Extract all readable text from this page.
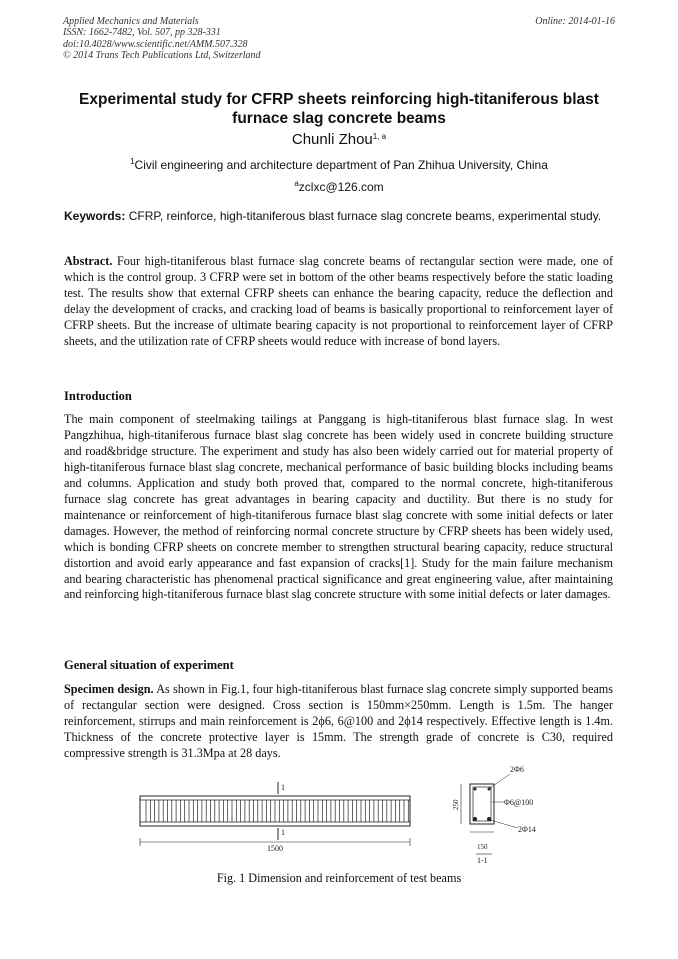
Applied Mechanics and Materials
ISSN: 1662-7482, Vol. 507, pp 328-331
doi:10.4028/www.scientific.net/AMM.507.328
© 2014 Trans Tech Publications Ltd, Switzerland
Online: 2014-01-16
Experimental study for CFRP sheets reinforcing high-titaniferous blast furnace slag concrete beams
Chunli Zhou$^{1, a}$
$^1$Civil engineering and architecture department of Pan Zhihua University, China
$^a$zclxc@126.com
Keywords: CFRP, reinforce, high-titaniferous blast furnace slag concrete beams, experimental study.
Abstract. Four high-titaniferous blast furnace slag concrete beams of rectangular section were made, one of which is the control group. 3 CFRP were set in bottom of the other beams respectively before the static loading test. The results show that external CFRP sheets can enhance the bearing capacity, reduce the deflection and delay the development of cracks, and cracking load of beams is basically proportional to reinforcement layer of CFRP sheets. But the increase of ultimate bearing capacity is not proportional to reinforcement layer of CFRP sheets, and the utilization rate of CFRP sheets would reduce with increase of bond layers.
Introduction
The main component of steelmaking tailings at Panggang is high-titaniferous blast furnace slag. In west Pangzhihua, high-titaniferous furnace blast slag concrete has been widely used in concrete building structure and road&bridge structure. The experiment and study has also been widely carried out for material property of high-titaniferous furnace blast slag concrete, mechanical performance of basic building blocks including beams and columns. Application and study both proved that, compared to the normal concrete, high-titaniferous furnace slag concrete has great advantages in bearing capacity and ductility. But there is no study for maintenance or reinforcement of high-titaniferous furnace blast slag concrete with some initial defects or later damages. However, the method of reinforcing normal concrete structure by CFRP sheets has been widely used, which is bonding CFRP sheets on concrete member to strengthen structural bearing capacity, reduce structural distortion and avoid early appearance and fast expansion of cracks[1]. Study for the main failure mechanism and bearing characteristic has phenomenal practical significance and great engineering value, after maintaining and reinforcing high-titaniferous furnace blast slag concrete structure with some initial defects or later damages.
General situation of experiment
Specimen design. As shown in Fig.1, four high-titaniferous blast furnace slag concrete simply supported beams of rectangular section were designed. Cross section is 150mm×250mm. Length is 1.5m. The hanger reinforcement, stirrups and main reinforcement is 2ϕ6, 6@100 and 2ϕ14 respectively. Effective length is 1.4m. Thickness of the concrete protective layer is 15mm. The strength grade of concrete is C30, required compressive strength is 31.3Mpa at 28 days.
1
1
1500
250
150
1-1
2Φ6
Φ6@100
2Φ14
Fig. 1 Dimension and reinforcement of test beams
